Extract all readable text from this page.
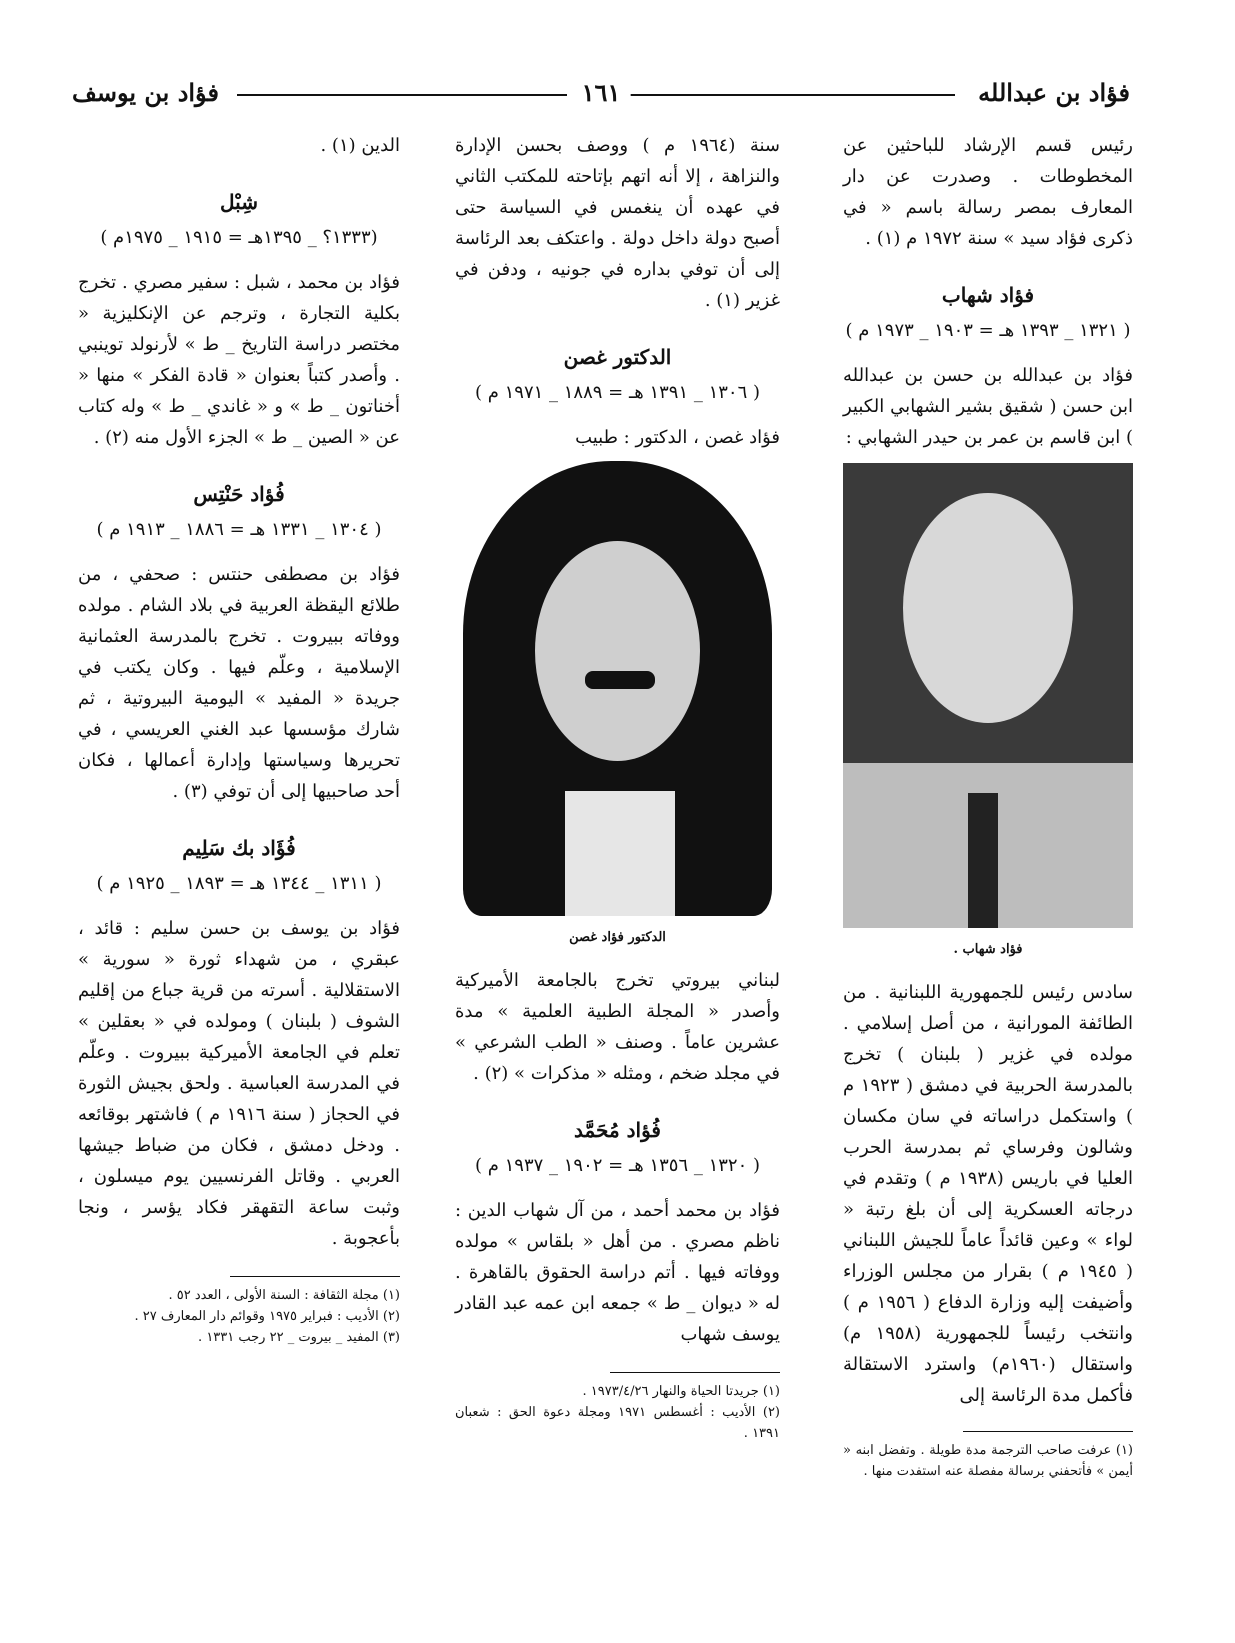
فؤاد بن عبدالله
١٦١
فؤاد بن يوسف

رئيس قسم الإرشاد للباحثين عن المخطوطات . وصدرت عن دار المعارف بمصر رسالة باسم « في ذكرى فؤاد سيد » سنة ١٩٧٢ م (١) .

فؤاد شهاب
( ١٣٢١ _ ١٣٩٣ هـ = ١٩٠٣ _ ١٩٧٣ م )

فؤاد بن عبدالله بن حسن بن عبدالله ابن حسن ( شقيق بشير الشهابي الكبير ) ابن قاسم بن عمر بن حيدر الشهابي :

فؤاد شهاب .

سادس رئيس للجمهورية اللبنانية . من الطائفة المورانية ، من أصل إسلامي . مولده في غزير ( بلبنان ) تخرج بالمدرسة الحربية في دمشق ( ١٩٢٣ م ) واستكمل دراساته في سان مكسان وشالون وفرساي ثم بمدرسة الحرب العليا في باريس (١٩٣٨ م ) وتقدم في درجاته العسكرية إلى أن بلغ رتبة « لواء » وعين قائداً عاماً للجيش اللبناني ( ١٩٤٥ م ) بقرار من مجلس الوزراء وأضيفت إليه وزارة الدفاع ( ١٩٥٦ م ) وانتخب رئيساً للجمهورية (١٩٥٨ م) واستقال (١٩٦٠م) واسترد الاستقالة فأكمل مدة الرئاسة إلى

(١) عرفت صاحب الترجمة مدة طويلة . وتفضل ابنه « أيمن » فأتحفني برسالة مفصلة عنه استفدت منها .

سنة (١٩٦٤ م ) ووصف بحسن الإدارة والنزاهة ، إلا أنه اتهم بإتاحته للمكتب الثاني في عهده أن ينغمس في السياسة حتى أصبح دولة داخل دولة . واعتكف بعد الرئاسة إلى أن توفي بداره في جونيه ، ودفن في غزير (١) .

الدكتور غصن
( ١٣٠٦ _ ١٣٩١ هـ = ١٨٨٩ _ ١٩٧١ م )

فؤاد غصن ، الدكتور : طبيب

الدكتور فؤاد غصن

لبناني بيروتي تخرج بالجامعة الأميركية وأصدر « المجلة الطبية العلمية » مدة عشرين عاماً . وصنف « الطب الشرعي » في مجلد ضخم ، ومثله « مذكرات » (٢) .

فُؤاد مُحَمَّد
( ١٣٢٠ _ ١٣٥٦ هـ = ١٩٠٢ _ ١٩٣٧ م )

فؤاد بن محمد أحمد ، من آل شهاب الدين : ناظم مصري . من أهل « بلقاس » مولده ووفاته فيها . أتم دراسة الحقوق بالقاهرة . له « ديوان _ ط » جمعه ابن عمه عبد القادر يوسف شهاب

(١) جريدتا الحياة والنهار ١٩٧٣/٤/٢٦ .

(٢) الأديب : أغسطس ١٩٧١ ومجلة دعوة الحق : شعبان ١٣٩١ .

الدين (١) .

شِبْل
(١٣٣٣؟ _ ١٣٩٥هـ = ١٩١٥ _ ١٩٧٥م )

فؤاد بن محمد ، شبل : سفير مصري . تخرج بكلية التجارة ، وترجم عن الإنكليزية « مختصر دراسة التاريخ _ ط » لأرنولد توينبي . وأصدر كتباً بعنوان « قادة الفكر » منها « أخناتون _ ط » و « غاندي _ ط » وله كتاب عن « الصين _ ط » الجزء الأول منه (٢) .

فُؤاد حَنْتِس
( ١٣٠٤ _ ١٣٣١ هـ = ١٨٨٦ _ ١٩١٣ م )

فؤاد بن مصطفى حنتس : صحفي ، من طلائع اليقظة العربية في بلاد الشام . مولده ووفاته ببيروت . تخرج بالمدرسة العثمانية الإسلامية ، وعلّم فيها . وكان يكتب في جريدة « المفيد » اليومية البيروتية ، ثم شارك مؤسسها عبد الغني العريسي ، في تحريرها وسياستها وإدارة أعمالها ، فكان أحد صاحبيها إلى أن توفي (٣) .

فُؤَاد بك سَلِيم
( ١٣١١ _ ١٣٤٤ هـ = ١٨٩٣ _ ١٩٢٥ م )

فؤاد بن يوسف بن حسن سليم : قائد ، عبقري ، من شهداء ثورة « سورية » الاستقلالية . أسرته من قرية جباع من إقليم الشوف ( بلبنان ) ومولده في « بعقلين » تعلم في الجامعة الأميركية ببيروت . وعلّم في المدرسة العباسية . ولحق بجيش الثورة في الحجاز ( سنة ١٩١٦ م ) فاشتهر بوقائعه . ودخل دمشق ، فكان من ضباط جيشها العربي . وقاتل الفرنسيين يوم ميسلون ، وثبت ساعة التقهقر فكاد يؤسر ، ونجا بأعجوبة .

(١) مجلة الثقافة : السنة الأولى ، العدد ٥٢ .

(٢) الأديب : فبراير ١٩٧٥ وقوائم دار المعارف ٢٧ .

(٣) المفيد _ بيروت _ ٢٢ رجب ١٣٣١ .
